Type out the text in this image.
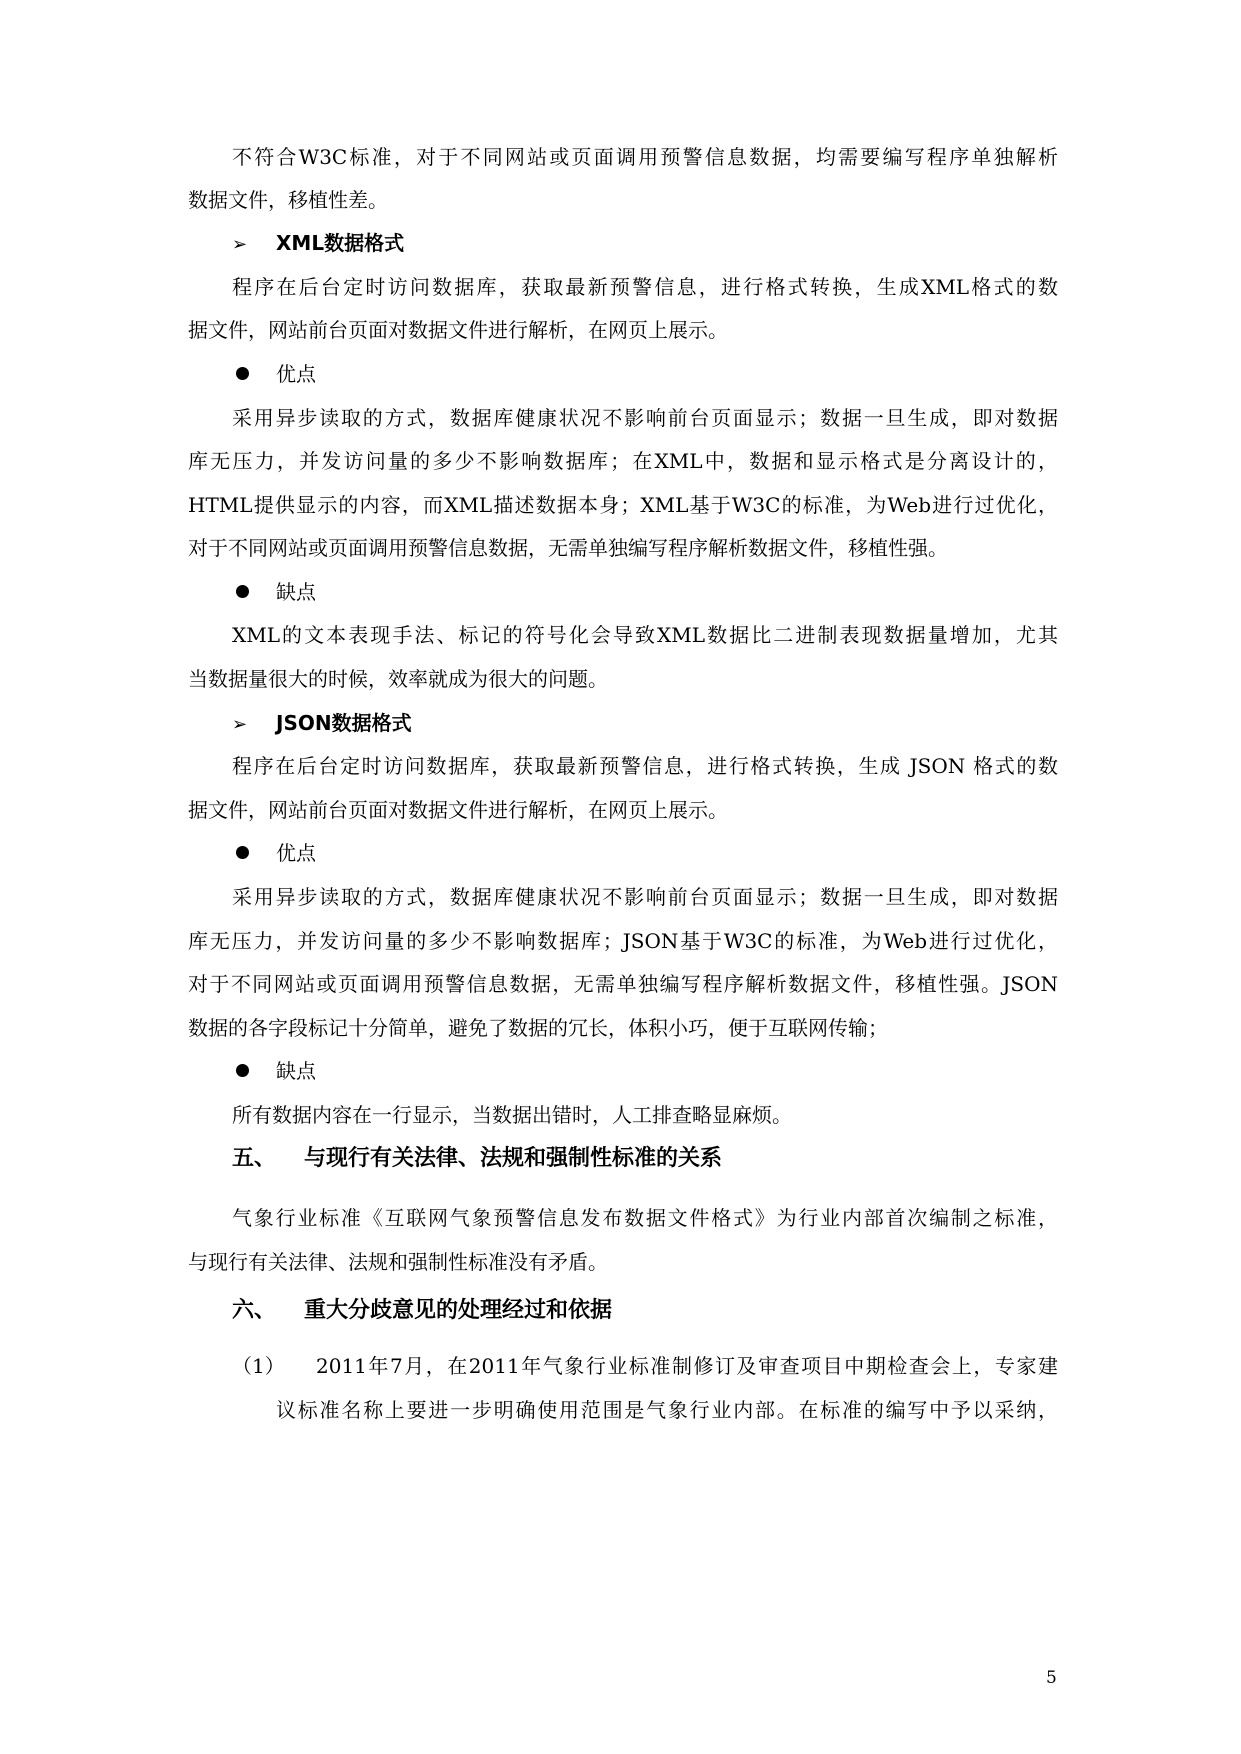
不符合W3C标准，对于不同网站或页面调用预警信息数据，均需要编写程序单独解析
数据文件，移植性差。
➢ XML数据格式
程序在后台定时访问数据库，获取最新预警信息，进行格式转换，生成XML格式的数
据文件，网站前台页面对数据文件进行解析，在网页上展示。
优点
采用异步读取的方式，数据库健康状况不影响前台页面显示；数据一旦生成，即对数据
库无压力，并发访问量的多少不影响数据库；在XML中，数据和显示格式是分离设计的，
HTML提供显示的内容，而XML描述数据本身；XML基于W3C的标准，为Web进行过优化，
对于不同网站或页面调用预警信息数据，无需单独编写程序解析数据文件，移植性强。
缺点
XML的文本表现手法、标记的符号化会导致XML数据比二进制表现数据量增加，尤其
当数据量很大的时候，效率就成为很大的问题。
➢ JSON数据格式
程序在后台定时访问数据库，获取最新预警信息，进行格式转换，生成 JSON 格式的数
据文件，网站前台页面对数据文件进行解析，在网页上展示。
优点
采用异步读取的方式，数据库健康状况不影响前台页面显示；数据一旦生成，即对数据
库无压力，并发访问量的多少不影响数据库；JSON基于W3C的标准，为Web进行过优化，
对于不同网站或页面调用预警信息数据，无需单独编写程序解析数据文件，移植性强。JSON
数据的各字段标记十分简单，避免了数据的冗长，体积小巧，便于互联网传输；
缺点
所有数据内容在一行显示，当数据出错时，人工排查略显麻烦。
五、 与现行有关法律、法规和强制性标准的关系
气象行业标准《互联网气象预警信息发布数据文件格式》为行业内部首次编制之标准，
与现行有关法律、法规和强制性标准没有矛盾。
六、 重大分歧意见的处理经过和依据
（1）	2011年7月，在2011年气象行业标准制修订及审查项目中期检查会上，专家建
议标准名称上要进一步明确使用范围是气象行业内部。在标准的编写中予以采纳，
5
